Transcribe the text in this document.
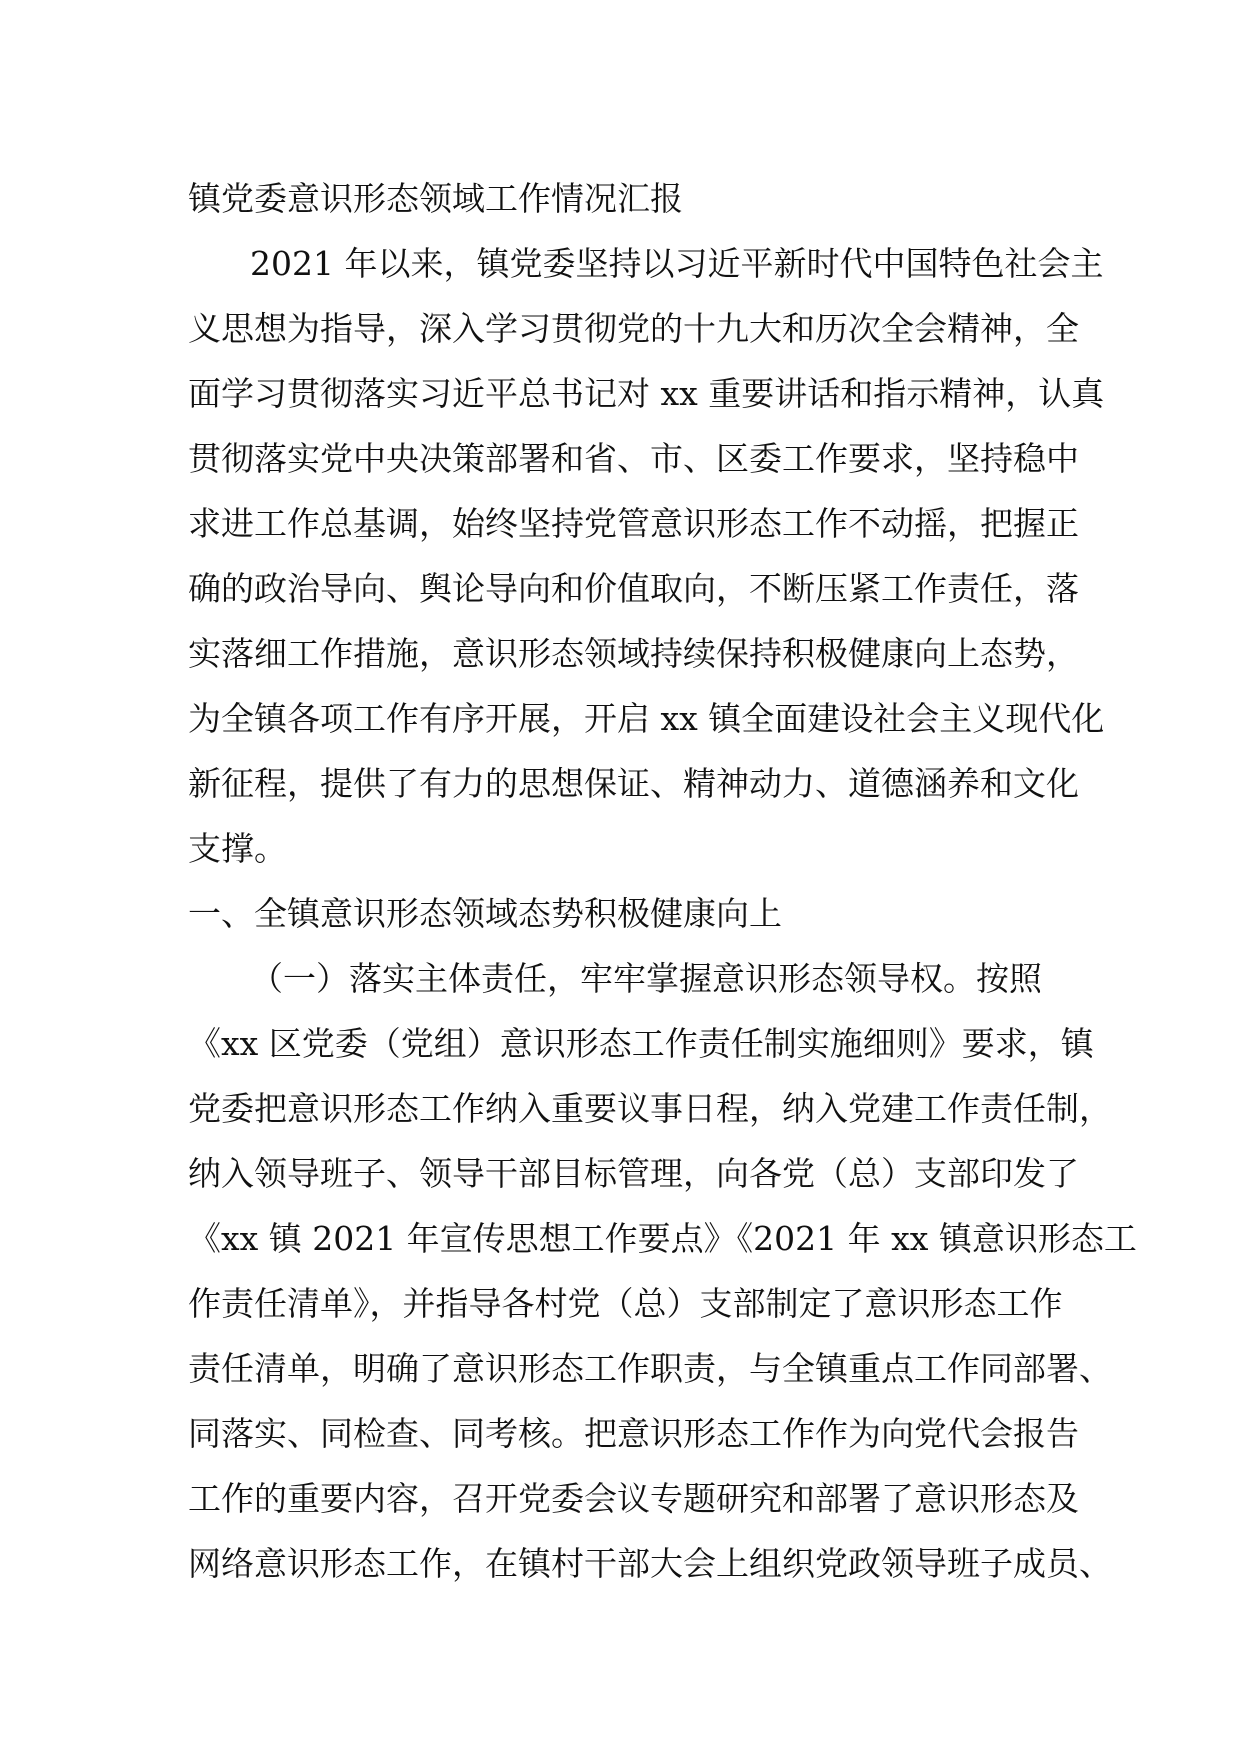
镇党委意识形态领域工作情况汇报

2021 年以来，镇党委坚持以习近平新时代中国特色社会主
义思想为指导，深入学习贯彻党的十九大和历次全会精神，全
面学习贯彻落实习近平总书记对 xx 重要讲话和指示精神，认真
贯彻落实党中央决策部署和省、市、区委工作要求，坚持稳中
求进工作总基调，始终坚持党管意识形态工作不动摇，把握正
确的政治导向、舆论导向和价值取向，不断压紧工作责任，落
实落细工作措施，意识形态领域持续保持积极健康向上态势，
为全镇各项工作有序开展，开启 xx 镇全面建设社会主义现代化
新征程，提供了有力的思想保证、精神动力、道德涵养和文化
支撑。

一、全镇意识形态领域态势积极健康向上

（一）落实主体责任，牢牢掌握意识形态领导权。按照
《xx 区党委（党组）意识形态工作责任制实施细则》要求，镇
党委把意识形态工作纳入重要议事日程，纳入党建工作责任制，
纳入领导班子、领导干部目标管理，向各党（总）支部印发了
《xx 镇 2021 年宣传思想工作要点》《2021 年 xx 镇意识形态工
作责任清单》，并指导各村党（总）支部制定了意识形态工作
责任清单，明确了意识形态工作职责，与全镇重点工作同部署、
同落实、同检查、同考核。把意识形态工作作为向党代会报告
工作的重要内容，召开党委会议专题研究和部署了意识形态及
网络意识形态工作，在镇村干部大会上组织党政领导班子成员、
